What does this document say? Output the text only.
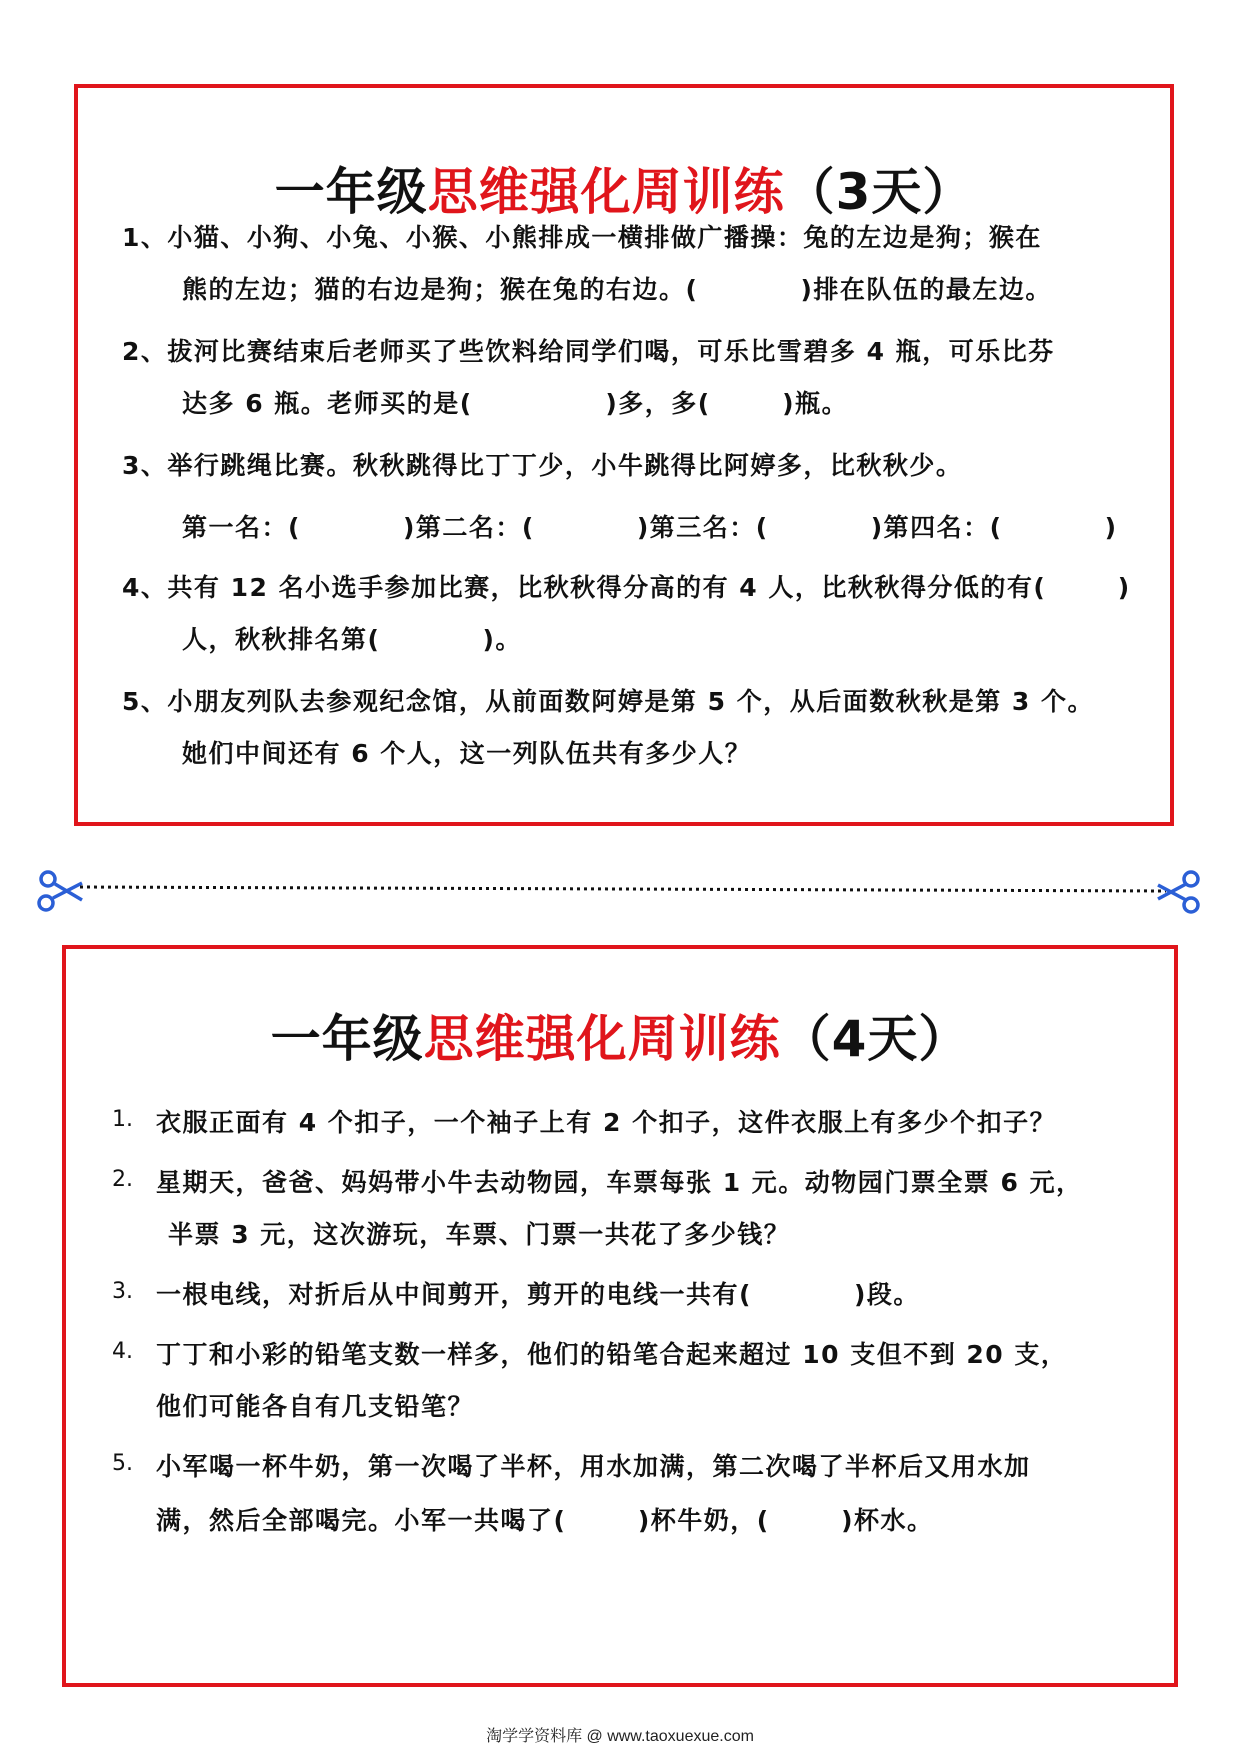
一年级思维强化周训练（3天）
1、小猫、小狗、小兔、小猴、小熊排成一横排做广播操：兔的左边是狗；猴在
熊的左边；猫的右边是狗；猴在兔的右边。(          )排在队伍的最左边。
2、拔河比赛结束后老师买了些饮料给同学们喝，可乐比雪碧多 4 瓶，可乐比芬
达多 6 瓶。老师买的是(             )多，多(       )瓶。
3、举行跳绳比赛。秋秋跳得比丁丁少，小牛跳得比阿婷多，比秋秋少。
第一名：(          )第二名：(          )第三名：(          )第四名：(          )
4、共有 12 名小选手参加比赛，比秋秋得分高的有 4 人，比秋秋得分低的有(       )
人，秋秋排名第(          )。
5、小朋友列队去参观纪念馆，从前面数阿婷是第 5 个，从后面数秋秋是第 3 个。
她们中间还有 6 个人，这一列队伍共有多少人？
一年级思维强化周训练（4天）
1. 衣服正面有 4 个扣子，一个袖子上有 2 个扣子，这件衣服上有多少个扣子？
2. 星期天，爸爸、妈妈带小牛去动物园，车票每张 1 元。动物园门票全票 6 元，
半票 3 元，这次游玩，车票、门票一共花了多少钱？
3. 一根电线，对折后从中间剪开，剪开的电线一共有(          )段。
4. 丁丁和小彩的铅笔支数一样多，他们的铅笔合起来超过 10 支但不到 20 支，
他们可能各自有几支铅笔？
5. 小军喝一杯牛奶，第一次喝了半杯，用水加满，第二次喝了半杯后又用水加
满，然后全部喝完。小军一共喝了(       )杯牛奶，(       )杯水。
淘学学资料库 @ www.taoxuexue.com
